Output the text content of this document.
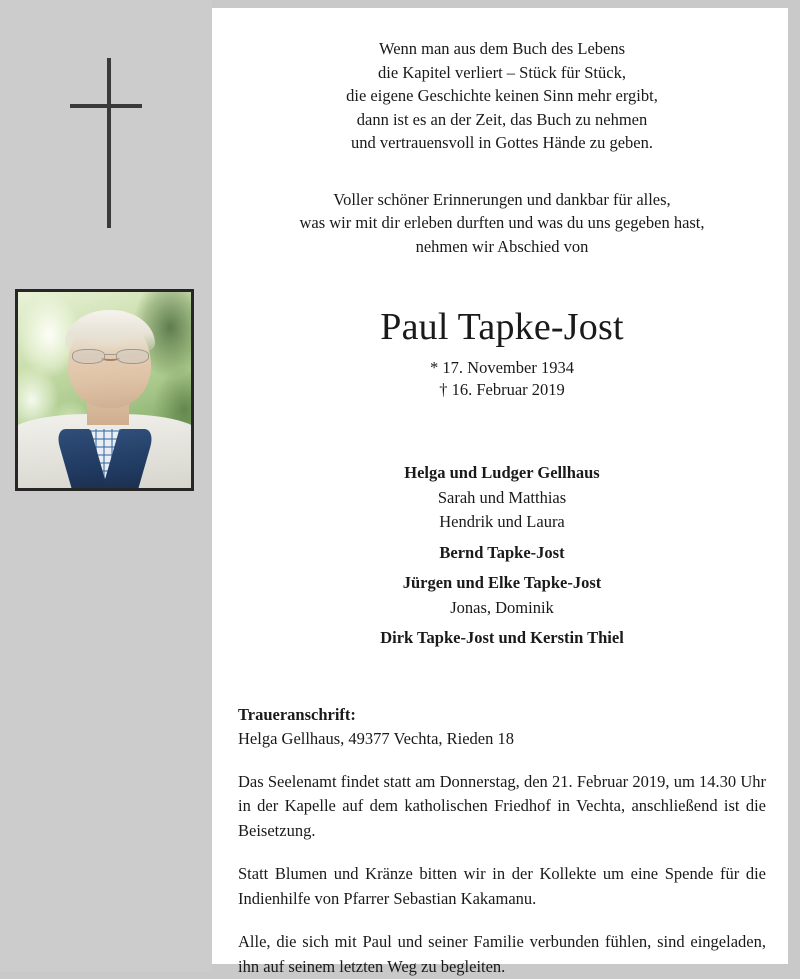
Wenn man aus dem Buch des Lebens
die Kapitel verliert – Stück für Stück,
die eigene Geschichte keinen Sinn mehr ergibt,
dann ist es an der Zeit, das Buch zu nehmen
und vertrauensvoll in Gottes Hände zu geben.
Voller schöner Erinnerungen und dankbar für alles,
was wir mit dir erleben durften und was du uns gegeben hast,
nehmen wir Abschied von
Paul Tapke-Jost
* 17. November 1934
† 16. Februar 2019
Helga und Ludger Gellhaus
Sarah und Matthias
Hendrik und Laura
Bernd Tapke-Jost
Jürgen und Elke Tapke-Jost
Jonas, Dominik
Dirk Tapke-Jost und Kerstin Thiel
Traueranschrift:
Helga Gellhaus, 49377 Vechta, Rieden 18
Das Seelenamt findet statt am Donnerstag, den 21. Februar 2019, um 14.30 Uhr in der Kapelle auf dem katholischen Friedhof in Vechta, anschließend ist die Beisetzung.
Statt Blumen und Kränze bitten wir in der Kollekte um eine Spende für die Indienhilfe von Pfarrer Sebastian Kakamanu.
Alle, die sich mit Paul und seiner Familie verbunden fühlen, sind eingeladen, ihn auf seinem letzten Weg zu begleiten.
